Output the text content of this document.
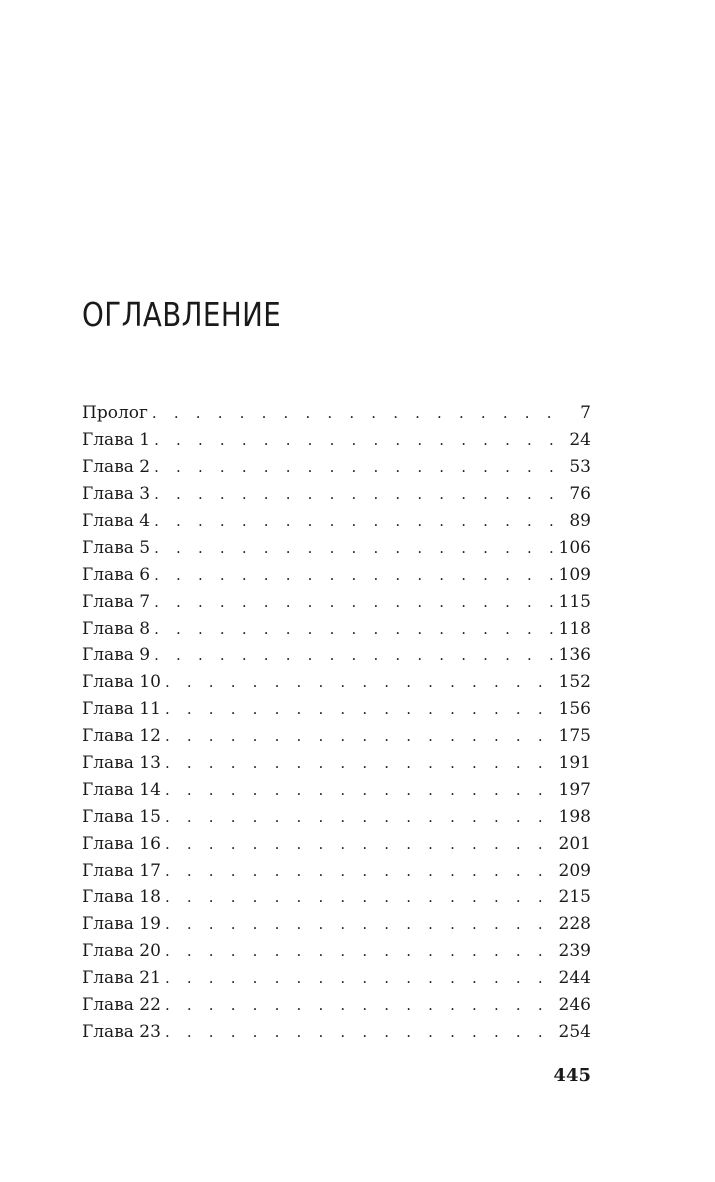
ОГЛАВЛЕНИЕ
Пролог . . .	7
Глава 1 . . .	24
Глава 2 . . .	53
Глава 3 . . .	76
Глава 4 . . .	89
Глава 5 . . .	106
Глава 6 . . .	109
Глава 7 . . .	115
Глава 8 . . .	118
Глава 9 . . .	136
Глава 10 . . .	152
Глава 11 . . .	156
Глава 12 . . .	175
Глава 13 . . .	191
Глава 14 . . .	197
Глава 15 . . .	198
Глава 16 . . .	201
Глава 17 . . .	209
Глава 18 . . .	215
Глава 19 . . .	228
Глава 20 . . .	239
Глава 21 . . .	244
Глава 22 . . .	246
Глава 23 . . .	254

445
